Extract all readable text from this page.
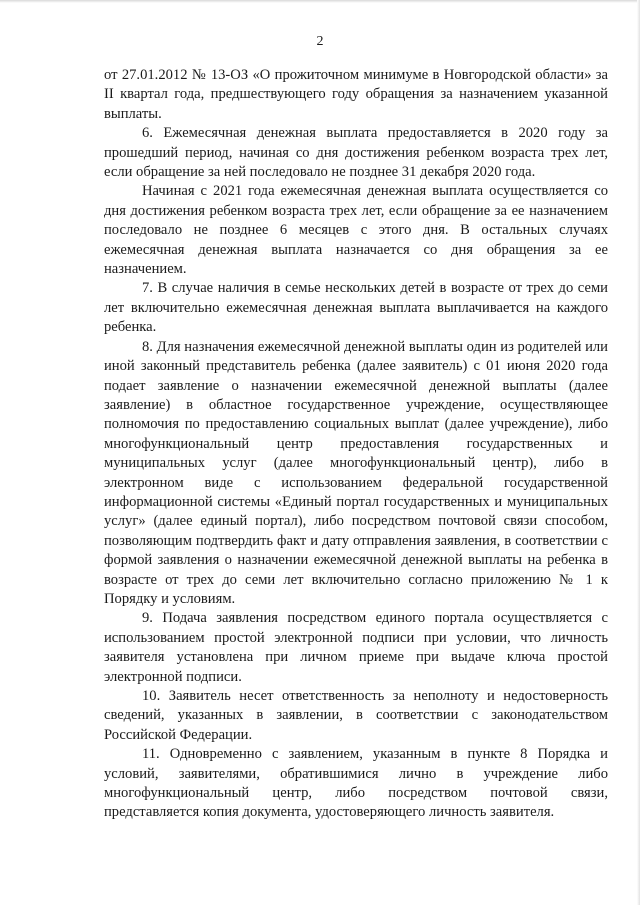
2

от 27.01.2012 № 13-ОЗ «О прожиточном минимуме в Новгородской области» за II квартал года, предшествующего году обращения за назначением указанной выплаты.

6. Ежемесячная денежная выплата предоставляется в 2020 году за прошедший период, начиная со дня достижения ребенком возраста трех лет, если обращение за ней последовало не позднее 31 декабря 2020 года.

Начиная с 2021 года ежемесячная денежная выплата осуществляется со дня достижения ребенком возраста трех лет, если обращение за ее назначением последовало не позднее 6 месяцев с этого дня. В остальных случаях ежемесячная денежная выплата назначается со дня обращения за ее назначением.

7. В случае наличия в семье нескольких детей в возрасте от трех до семи лет включительно ежемесячная денежная выплата выплачивается на каждого ребенка.

8. Для назначения ежемесячной денежной выплаты один из родителей или иной законный представитель ребенка (далее заявитель) с 01 июня 2020 года подает заявление о назначении ежемесячной денежной выплаты (далее заявление) в областное государственное учреждение, осуществляющее полномочия по предоставлению социальных выплат (далее учреждение), либо многофункциональный центр предоставления государственных и муниципальных услуг (далее многофункциональный центр), либо в электронном виде с использованием федеральной государственной информационной системы «Единый портал государственных и муниципальных услуг» (далее единый портал), либо посредством почтовой связи способом, позволяющим подтвердить факт и дату отправления заявления, в соответствии с формой заявления о назначении ежемесячной денежной выплаты на ребенка в возрасте от трех до семи лет включительно согласно приложению № 1 к Порядку и условиям.

9. Подача заявления посредством единого портала осуществляется с использованием простой электронной подписи при условии, что личность заявителя установлена при личном приеме при выдаче ключа простой электронной подписи.

10. Заявитель несет ответственность за неполноту и недостоверность сведений, указанных в заявлении, в соответствии с законодательством Российской Федерации.

11. Одновременно с заявлением, указанным в пункте 8 Порядка и условий, заявителями, обратившимися лично в учреждение либо многофункциональный центр, либо посредством почтовой связи, представляется копия документа, удостоверяющего личность заявителя.
